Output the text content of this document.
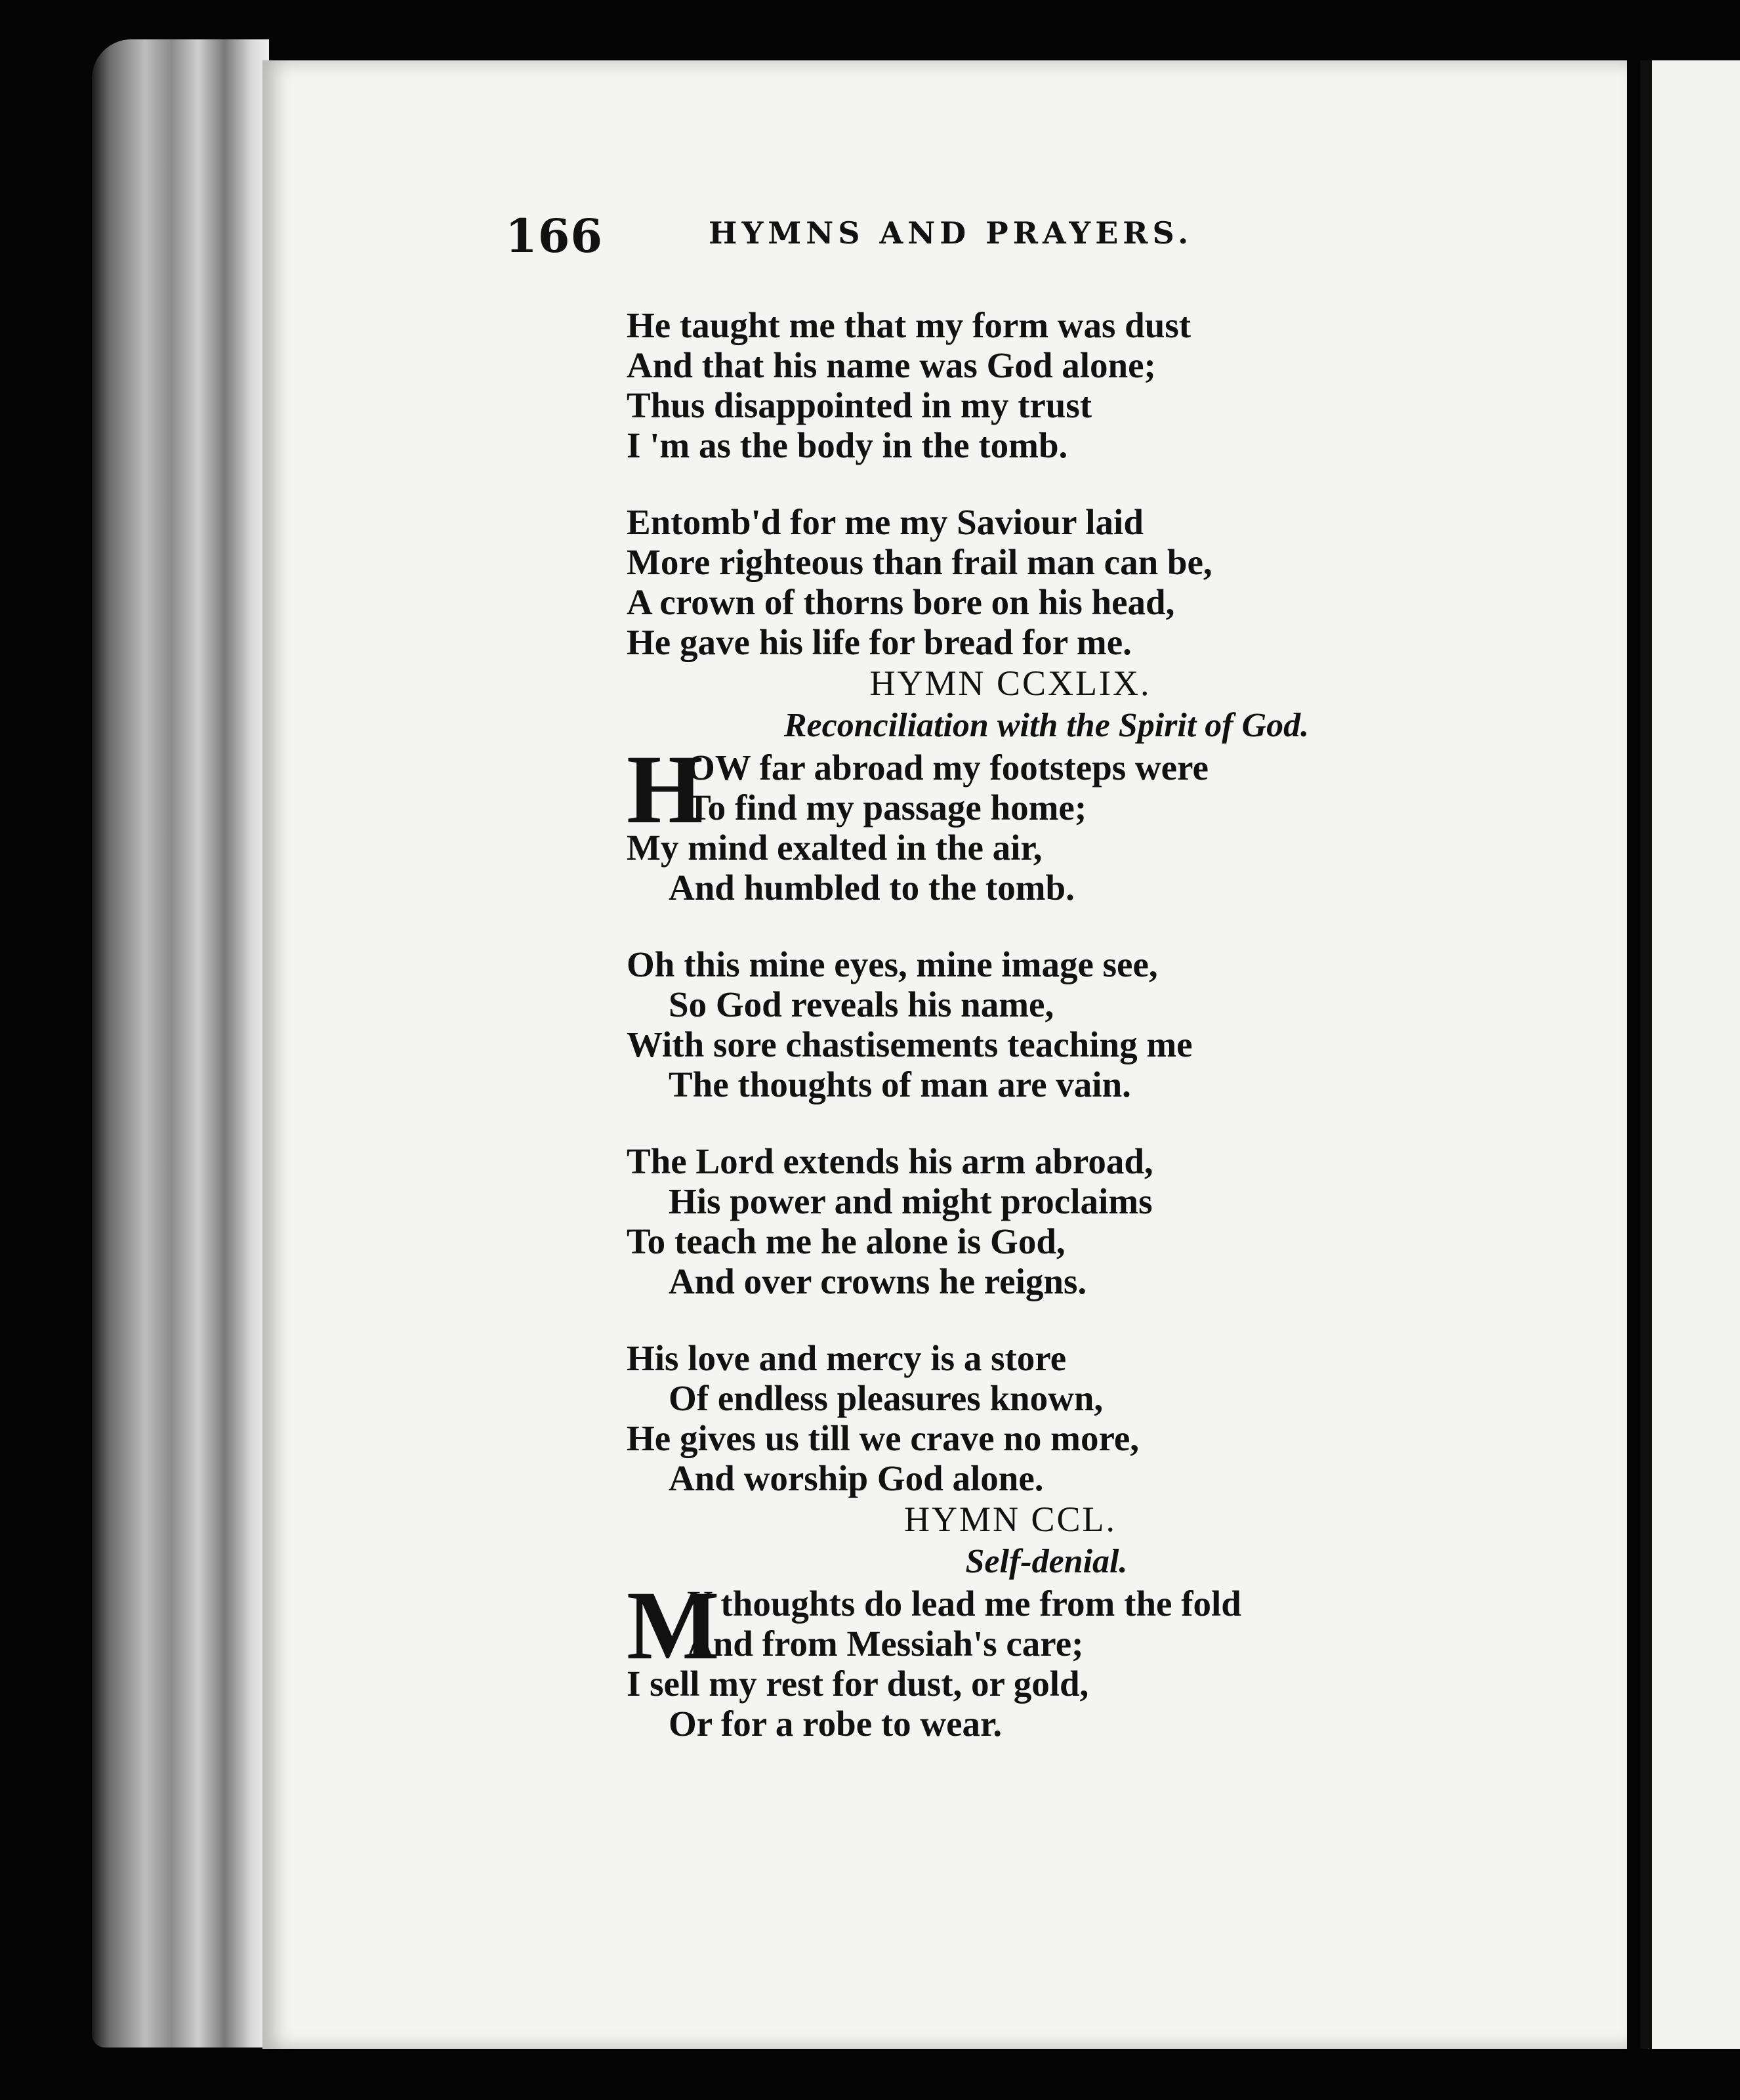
166	HYMNS AND PRAYERS.
He taught me that my form was dust
And that his name was God alone;
Thus disappointed in my trust
I 'm as the body in the tomb.
Entomb'd for me my Saviour laid
More righteous than frail man can be,
A crown of thorns bore on his head,
He gave his life for bread for me.
HYMN CCXLIX.
Reconciliation with the Spirit of God.
H
OW far abroad my footsteps were
To find my passage home;
My mind exalted in the air,
And humbled to the tomb.
Oh this mine eyes, mine image see,
So God reveals his name,
With sore chastisements teaching me
The thoughts of man are vain.
The Lord extends his arm abroad,
His power and might proclaims
To teach me he alone is God,
And over crowns he reigns.
His love and mercy is a store
Of endless pleasures known,
He gives us till we crave no more,
And worship God alone.
HYMN CCL.
Self-denial.
M
Y thoughts do lead me from the fold
And from Messiah's care;
I sell my rest for dust, or gold,
Or for a robe to wear.
